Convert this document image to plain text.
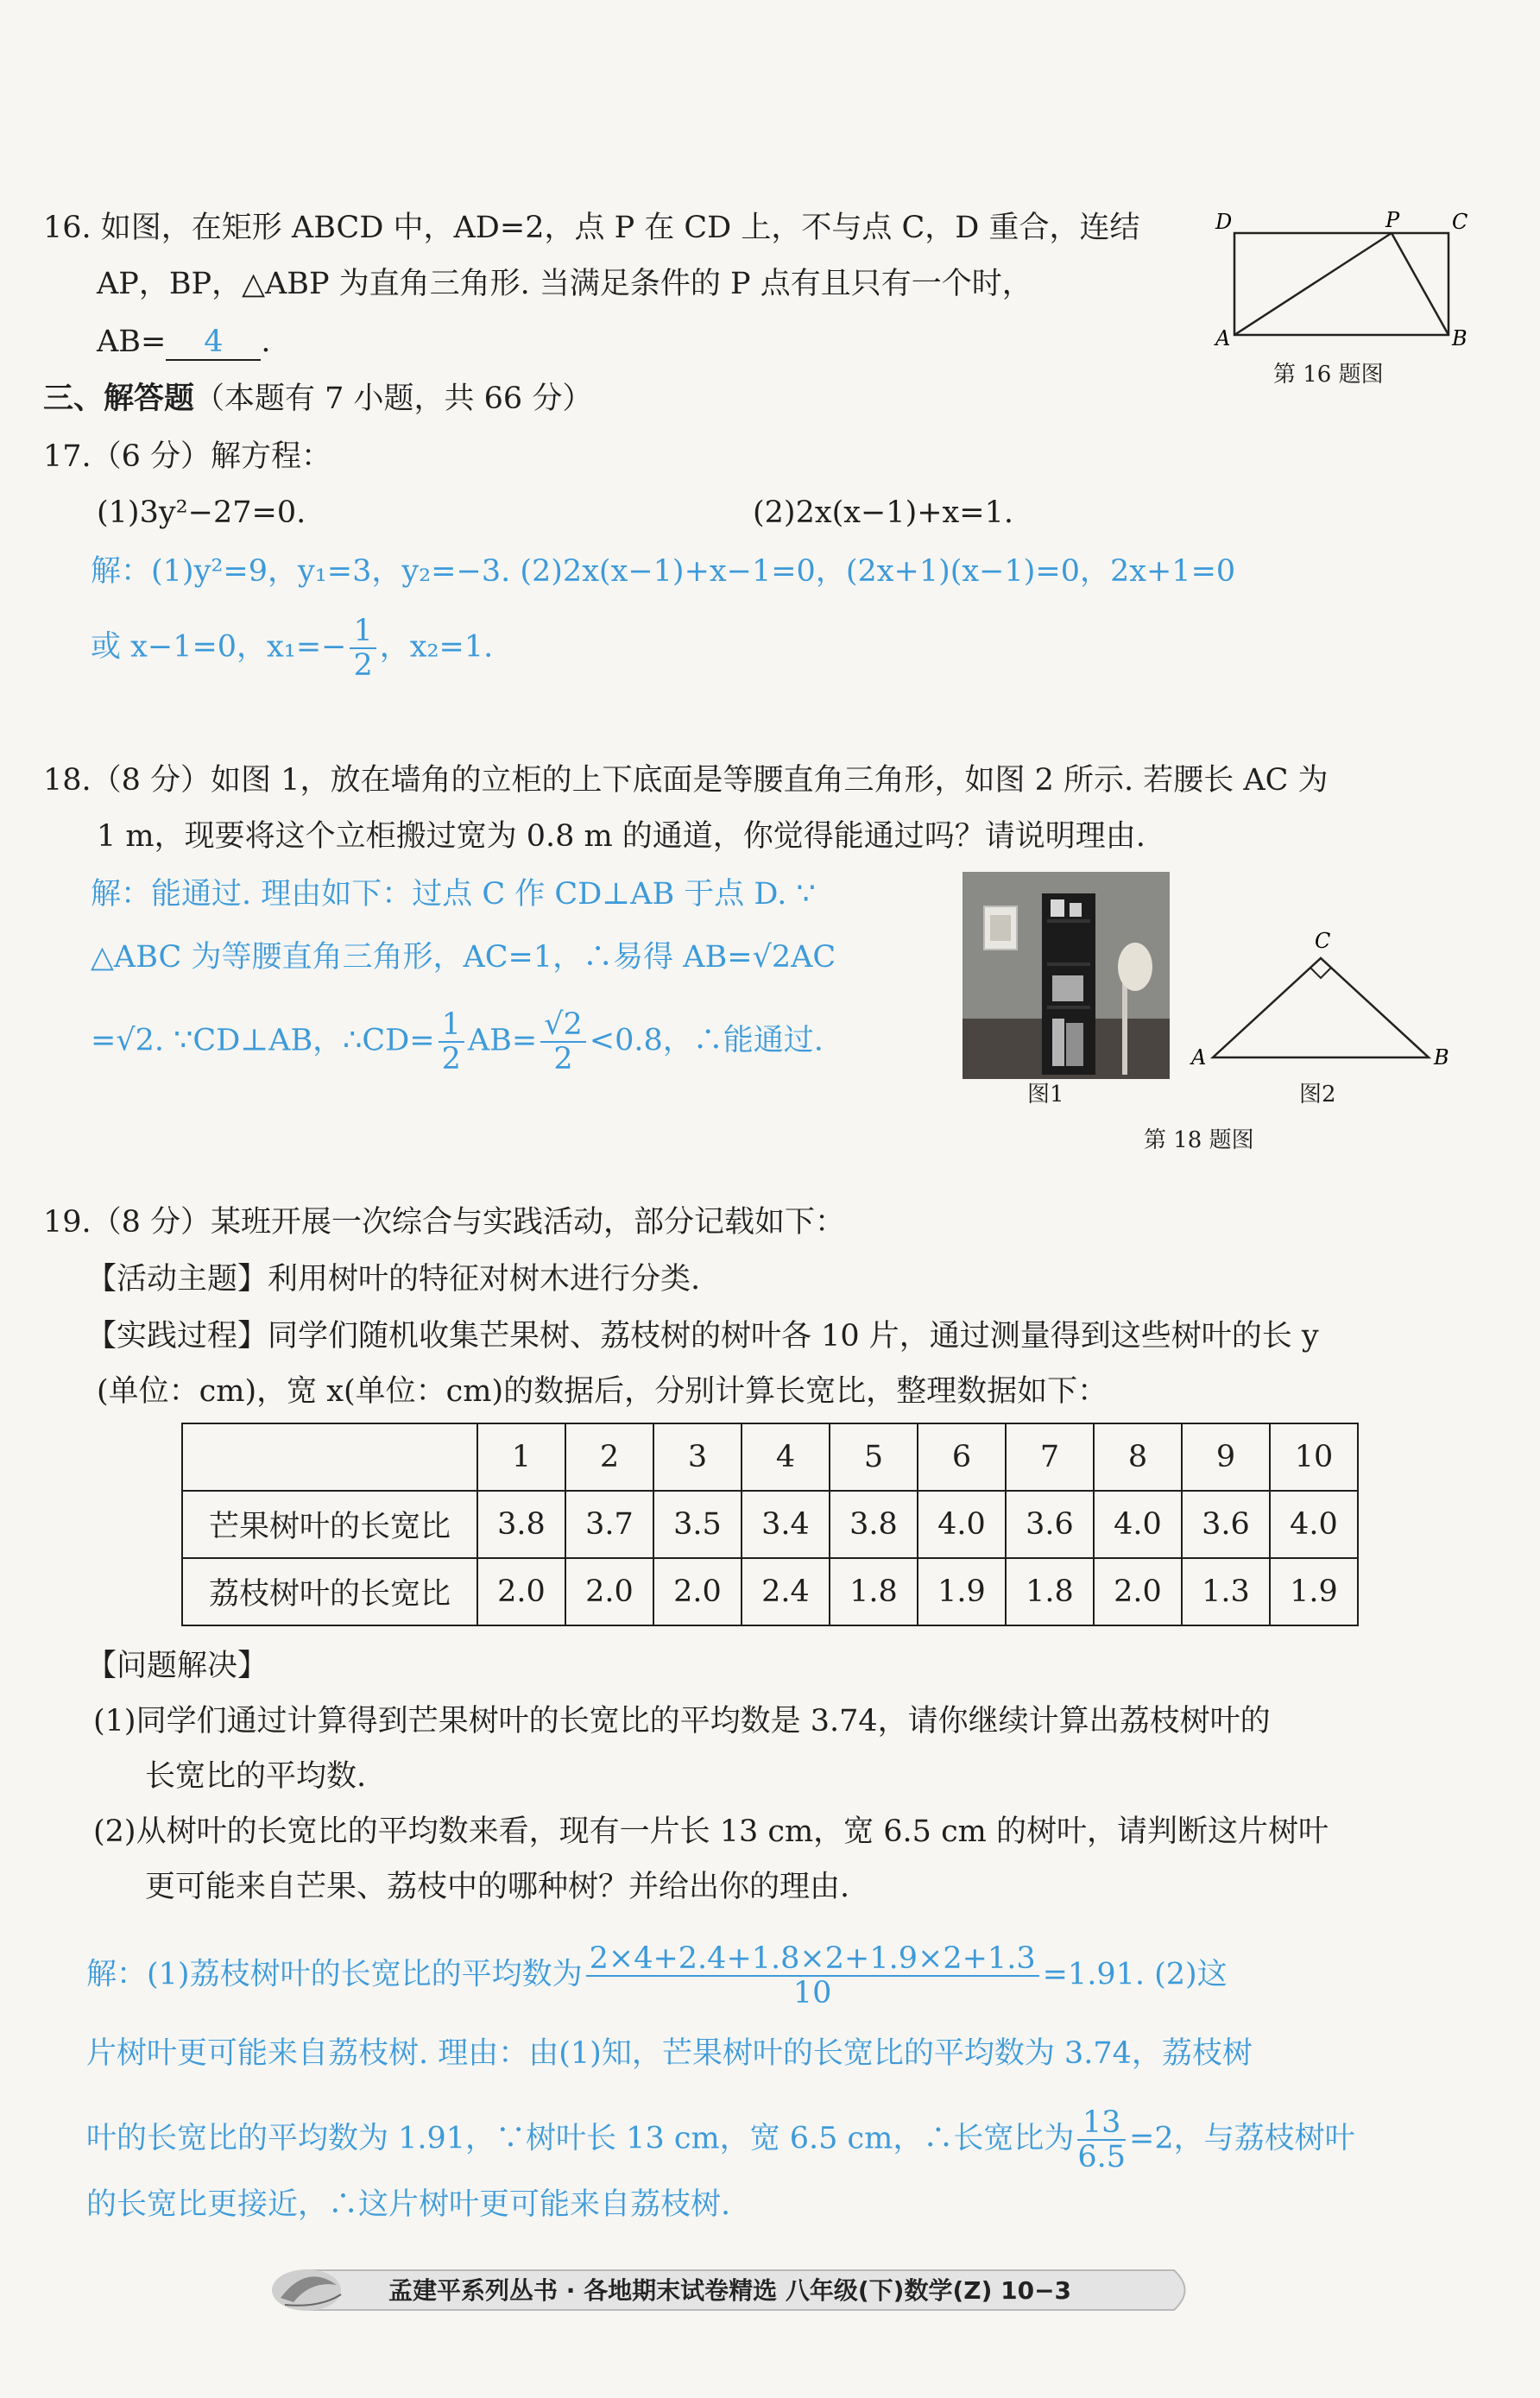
16. 如图，在矩形 ABCD 中，AD=2，点 P 在 CD 上，不与点 C，D 重合，连结
AP，BP，△ABP 为直角三角形. 当满足条件的 P 点有且只有一个时，
AB= 4 .
D	P	C
A	B
第 16 题图
三、解答题（本题有 7 小题，共 66 分）
17.（6 分）解方程：
(1)3y²−27=0.	(2)2x(x−1)+x=1.
解：(1)y²=9，y₁=3，y₂=−3. (2)2x(x−1)+x−1=0，(2x+1)(x−1)=0，2x+1=0
或 x−1=0，$x_1=- \frac{1}{2}$ ，x₂=1.
18.（8 分）如图 1，放在墙角的立柜的上下底面是等腰直角三角形，如图 2 所示. 若腰长 AC 为
1 m，现要将这个立柜搬过宽为 0.8 m 的通道，你觉得能通过吗？请说明理由.
解：能通过. 理由如下：过点 C 作 CD⊥AB 于点 D. ∵
△ABC 为等腰直角三角形，AC=1，∴易得 AB=√2AC
=√2. ∵CD⊥AB，∴CD= $\frac{1}{2} AB= \frac{√2}{2} <0.8$，∴能通过.
图1
C
A	B
图2
第 18 题图
19.（8 分）某班开展一次综合与实践活动，部分记载如下：
【活动主题】利用树叶的特征对树木进行分类.
【实践过程】同学们随机收集芒果树、荔枝树的树叶各 10 片，通过测量得到这些树叶的长 y
(单位：cm)，宽 x(单位：cm)的数据后，分别计算长宽比，整理数据如下：
	1	2	3	4	5	6	7	8	9	10
芒果树叶的长宽比	3.8	3.7	3.5	3.4	3.8	4.0	3.6	4.0	3.6	4.0
荔枝树叶的长宽比	2.0	2.0	2.0	2.4	1.8	1.9	1.8	2.0	1.3	1.9
【问题解决】
(1)同学们通过计算得到芒果树叶的长宽比的平均数是 3.74，请你继续计算出荔枝树叶的
长宽比的平均数.
(2)从树叶的长宽比的平均数来看，现有一片长 13 cm，宽 6.5 cm 的树叶，请判断这片树叶
更可能来自芒果、荔枝中的哪种树？并给出你的理由.
解：(1)荔枝树叶的长宽比的平均数为 $\frac{2\times 4+2.4+1.8\times 2+1.9\times 2+1.3}{10} =1.91$. (2)这
片树叶更可能来自荔枝树. 理由：由(1)知，芒果树叶的长宽比的平均数为 3.74，荔枝树
叶的长宽比的平均数为 1.91，∵树叶长 13 cm，宽 6.5 cm，∴长宽比为 $\frac{13}{6.5} =2$，与荔枝树叶
的长宽比更接近，∴这片树叶更可能来自荔枝树.
孟建平系列丛书 · 各地期末试卷精选 八年级(下)数学(Z) 10−3
